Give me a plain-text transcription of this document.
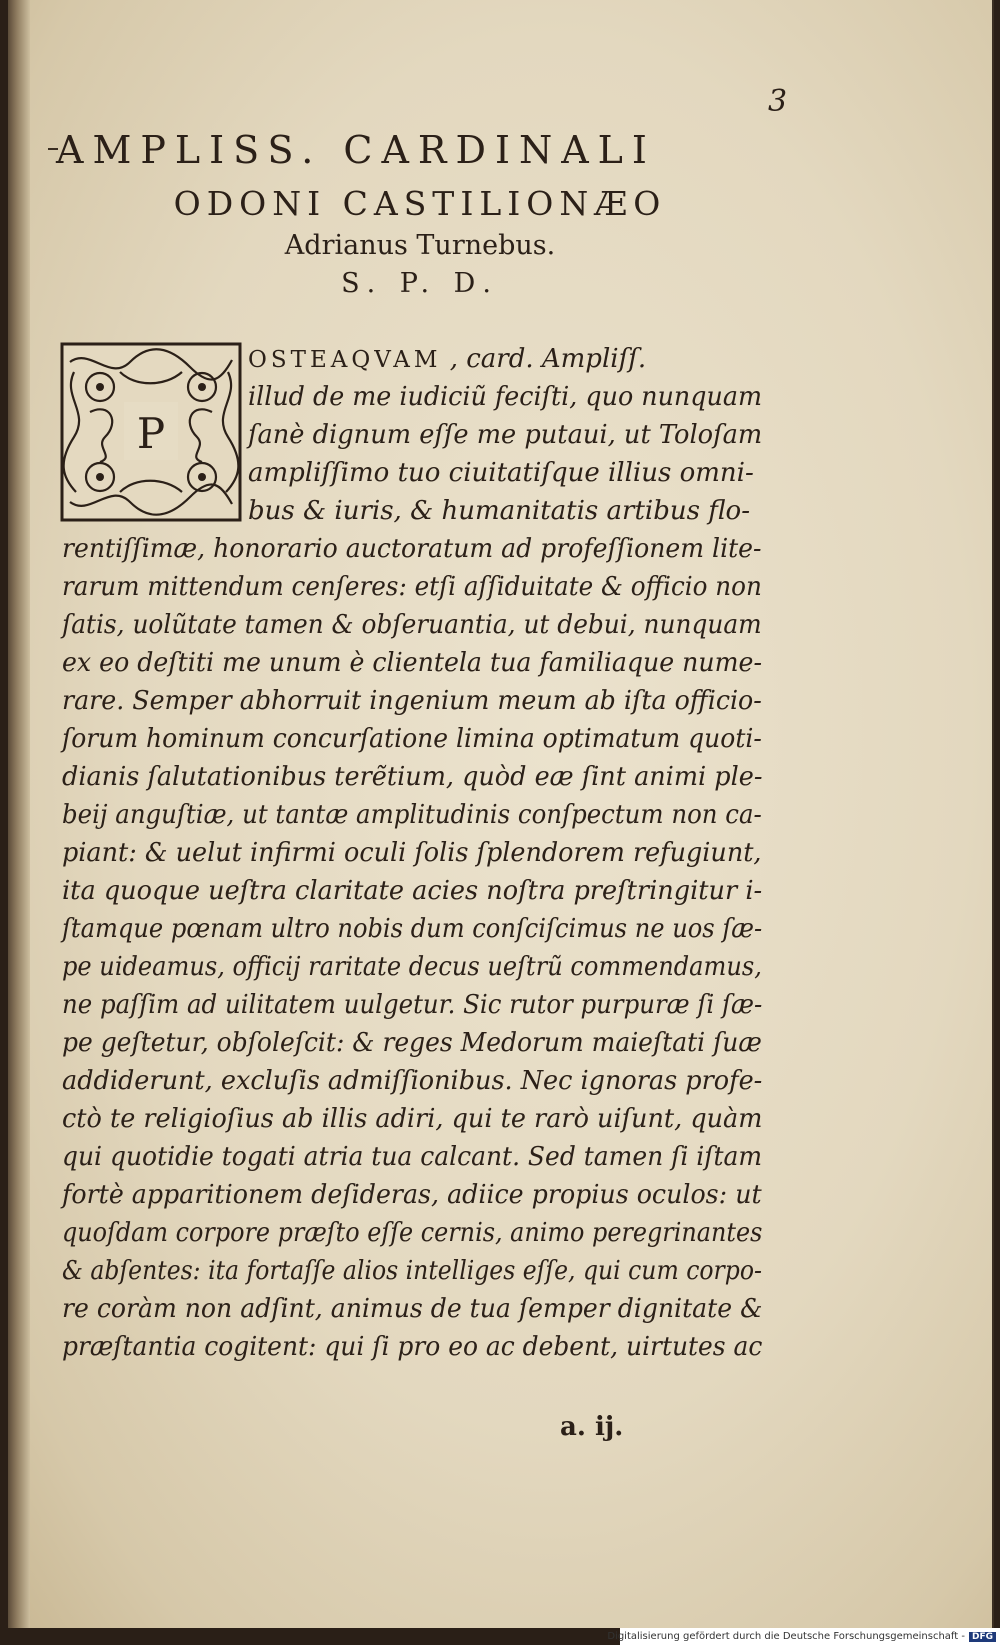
3
AMPLISS. CARDINALI
ODONI CASTILIONÆO
Adrianus Turnebus.
S. P. D.
P
OSTEAQVAM , card. Ampliſſ.
illud de me iudiciũ feciſti, quo nunquam
ſanè dignum eſſe me putaui, ut Toloſam
ampliſſimo tuo ciuitatiſque illius omni-
bus & iuris, & humanitatis artibus flo-
rentiſſimæ, honorario auctoratum ad profeſſionem lite-
rarum mittendum cenſeres: etſi aſſiduitate & officio non
ſatis, uolũtate tamen & obſeruantia, ut debui, nunquam
ex eo deſtiti me unum è clientela tua familiaque nume-
rare. Semper abhorruit ingenium meum ab iſta officio-
ſorum hominum concurſatione limina optimatum quoti-
dianis ſalutationibus terẽtium, quòd eæ ſint animi ple-
beij anguſtiæ, ut tantæ amplitudinis conſpectum non ca-
piant: & uelut infirmi oculi ſolis ſplendorem refugiunt,
ita quoque ueſtra claritate acies noſtra preſtringitur i-
ſtamque pœnam ultro nobis dum conſciſcimus ne uos ſæ-
pe uideamus, officij raritate decus ueſtrũ commendamus,
ne paſſim ad uilitatem uulgetur. Sic rutor purpuræ ſi ſæ-
pe geſtetur, obſoleſcit: & reges Medorum maieſtati ſuæ
addiderunt, excluſis admiſſionibus. Nec ignoras profe-
ctò te religioſius ab illis adiri, qui te rarò uiſunt, quàm
qui quotidie togati atria tua calcant. Sed tamen ſi iſtam
fortè apparitionem deſideras, adiice propius oculos: ut
quoſdam corpore præſto eſſe cernis, animo peregrinantes
& abſentes: ita fortaſſe alios intelliges eſſe, qui cum corpo-
re coràm non adſint, animus de tua ſemper dignitate &
præſtantia cogitent: qui ſi pro eo ac debent, uirtutes ac
a. ij.
Digitalisierung gefördert durch die Deutsche Forschungsgemeinschaft - DFG
